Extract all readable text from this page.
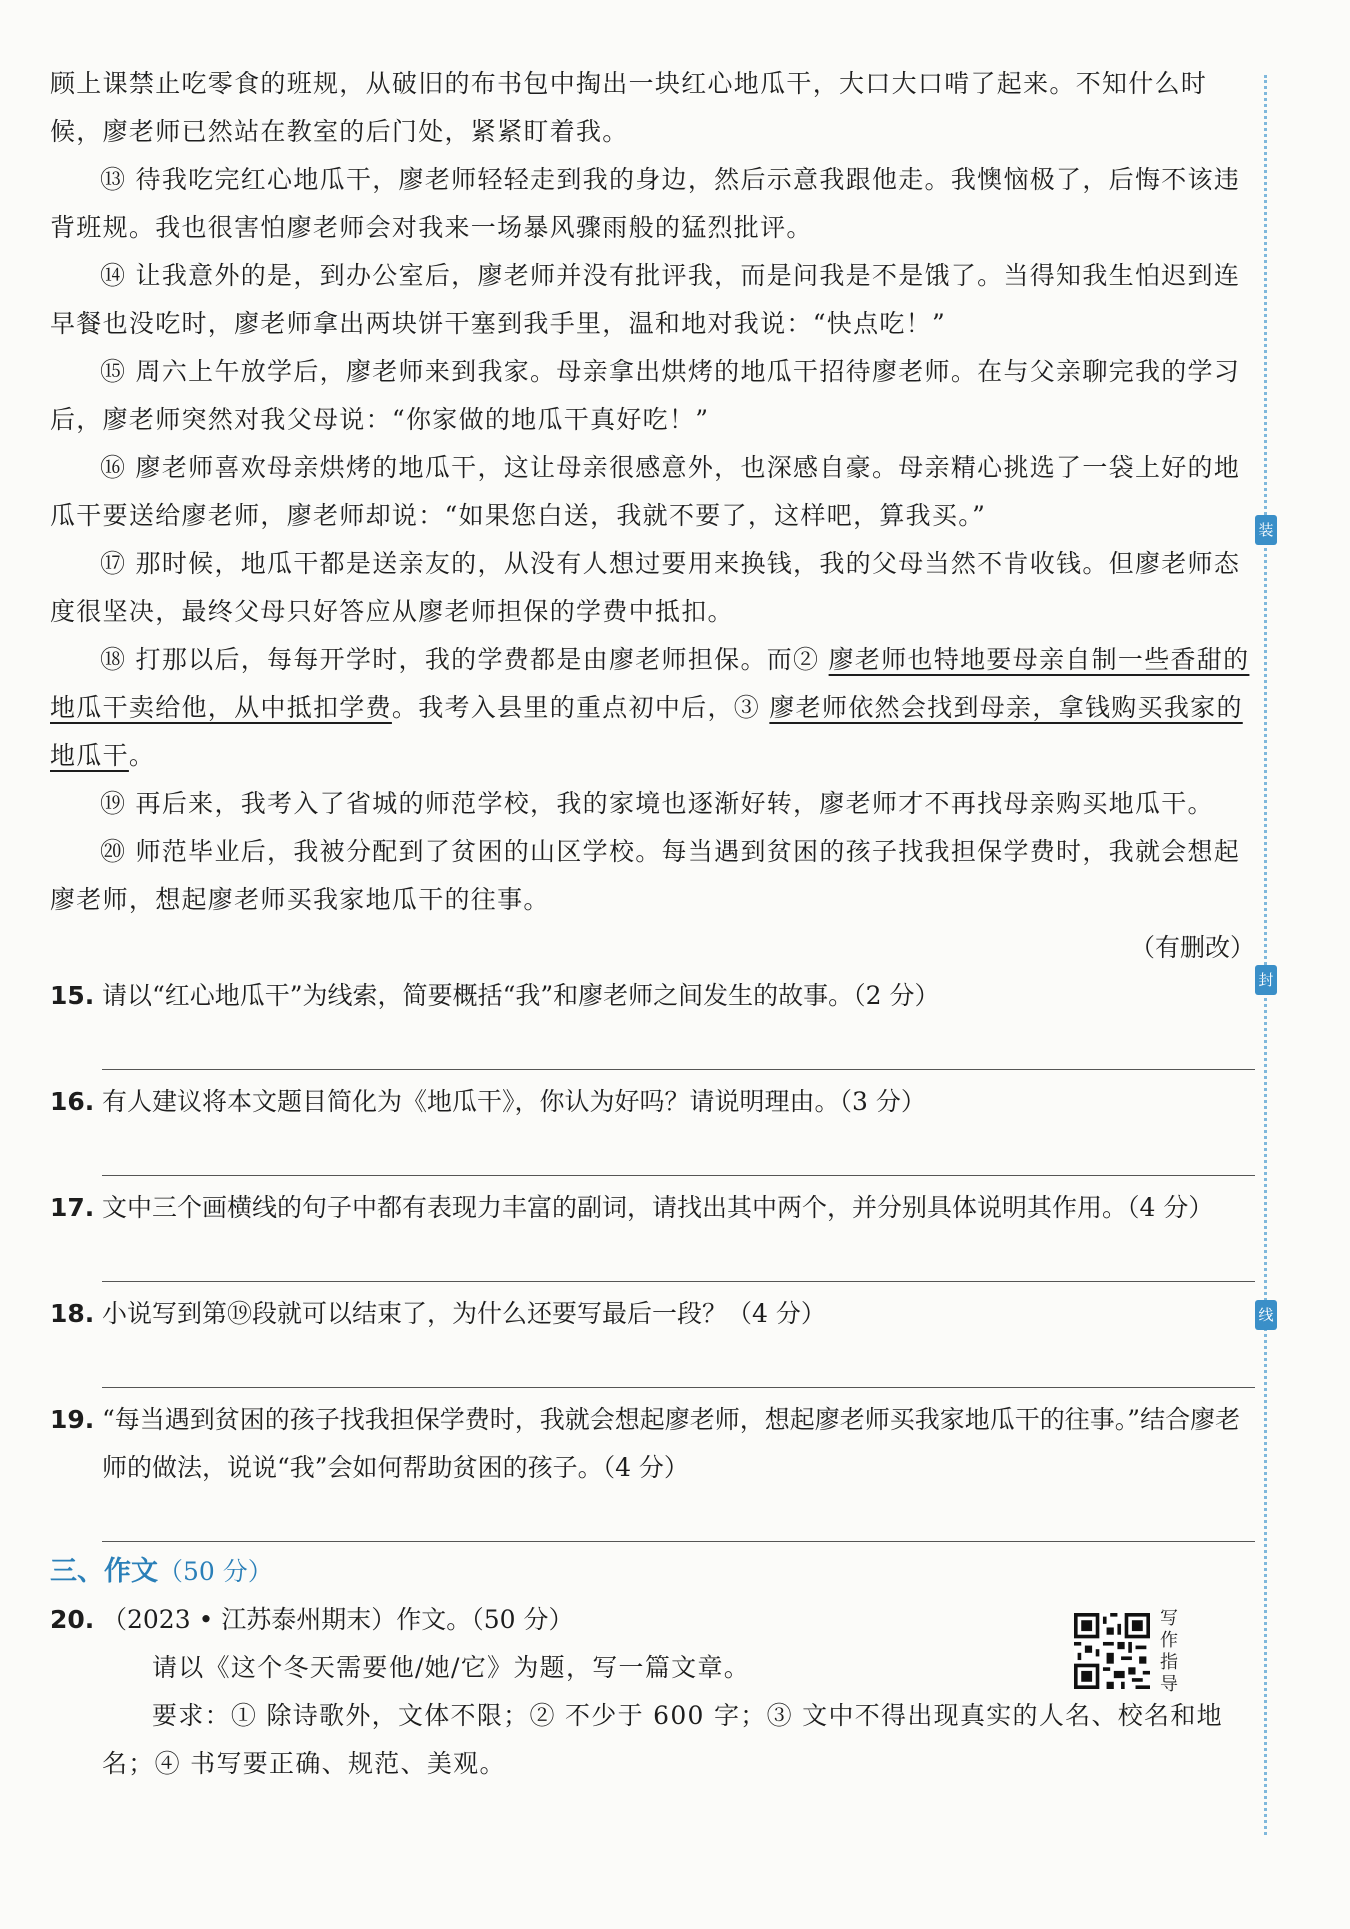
装
封
线

顾上课禁止吃零食的班规，从破旧的布书包中掏出一块红心地瓜干，大口大口啃了起来。不知什么时候，廖老师已然站在教室的后门处，紧紧盯着我。

⑬ 待我吃完红心地瓜干，廖老师轻轻走到我的身边，然后示意我跟他走。我懊恼极了，后悔不该违背班规。我也很害怕廖老师会对我来一场暴风骤雨般的猛烈批评。

⑭ 让我意外的是，到办公室后，廖老师并没有批评我，而是问我是不是饿了。当得知我生怕迟到连早餐也没吃时，廖老师拿出两块饼干塞到我手里，温和地对我说：“快点吃！”

⑮ 周六上午放学后，廖老师来到我家。母亲拿出烘烤的地瓜干招待廖老师。在与父亲聊完我的学习后，廖老师突然对我父母说：“你家做的地瓜干真好吃！”

⑯ 廖老师喜欢母亲烘烤的地瓜干，这让母亲很感意外，也深感自豪。母亲精心挑选了一袋上好的地瓜干要送给廖老师，廖老师却说：“如果您白送，我就不要了，这样吧，算我买。”

⑰ 那时候，地瓜干都是送亲友的，从没有人想过要用来换钱，我的父母当然不肯收钱。但廖老师态度很坚决，最终父母只好答应从廖老师担保的学费中抵扣。

⑱ 打那以后，每每开学时，我的学费都是由廖老师担保。而② 廖老师也特地要母亲自制一些香甜的地瓜干卖给他，从中抵扣学费。我考入县里的重点初中后，③ 廖老师依然会找到母亲，拿钱购买我家的地瓜干。

⑲ 再后来，我考入了省城的师范学校，我的家境也逐渐好转，廖老师才不再找母亲购买地瓜干。

⑳ 师范毕业后，我被分配到了贫困的山区学校。每当遇到贫困的孩子找我担保学费时，我就会想起廖老师，想起廖老师买我家地瓜干的往事。

（有删改）

15. 请以“红心地瓜干”为线索，简要概括“我”和廖老师之间发生的故事。（2 分）
16. 有人建议将本文题目简化为《地瓜干》，你认为好吗？请说明理由。（3 分）
17. 文中三个画横线的句子中都有表现力丰富的副词，请找出其中两个，并分别具体说明其作用。（4 分）
18. 小说写到第⑲段就可以结束了，为什么还要写最后一段？（4 分）
19. “每当遇到贫困的孩子找我担保学费时，我就会想起廖老师，想起廖老师买我家地瓜干的往事。”结合廖老师的做法，说说“我”会如何帮助贫困的孩子。（4 分）

三、作文（50 分）

20. （2023 • 江苏泰州期末）作文。（50 分）

请以《这个冬天需要他/她/它》为题，写一篇文章。

要求：① 除诗歌外，文体不限；② 不少于 600 字；③ 文中不得出现真实的人名、校名和地名；④ 书写要正确、规范、美观。

写作指导
